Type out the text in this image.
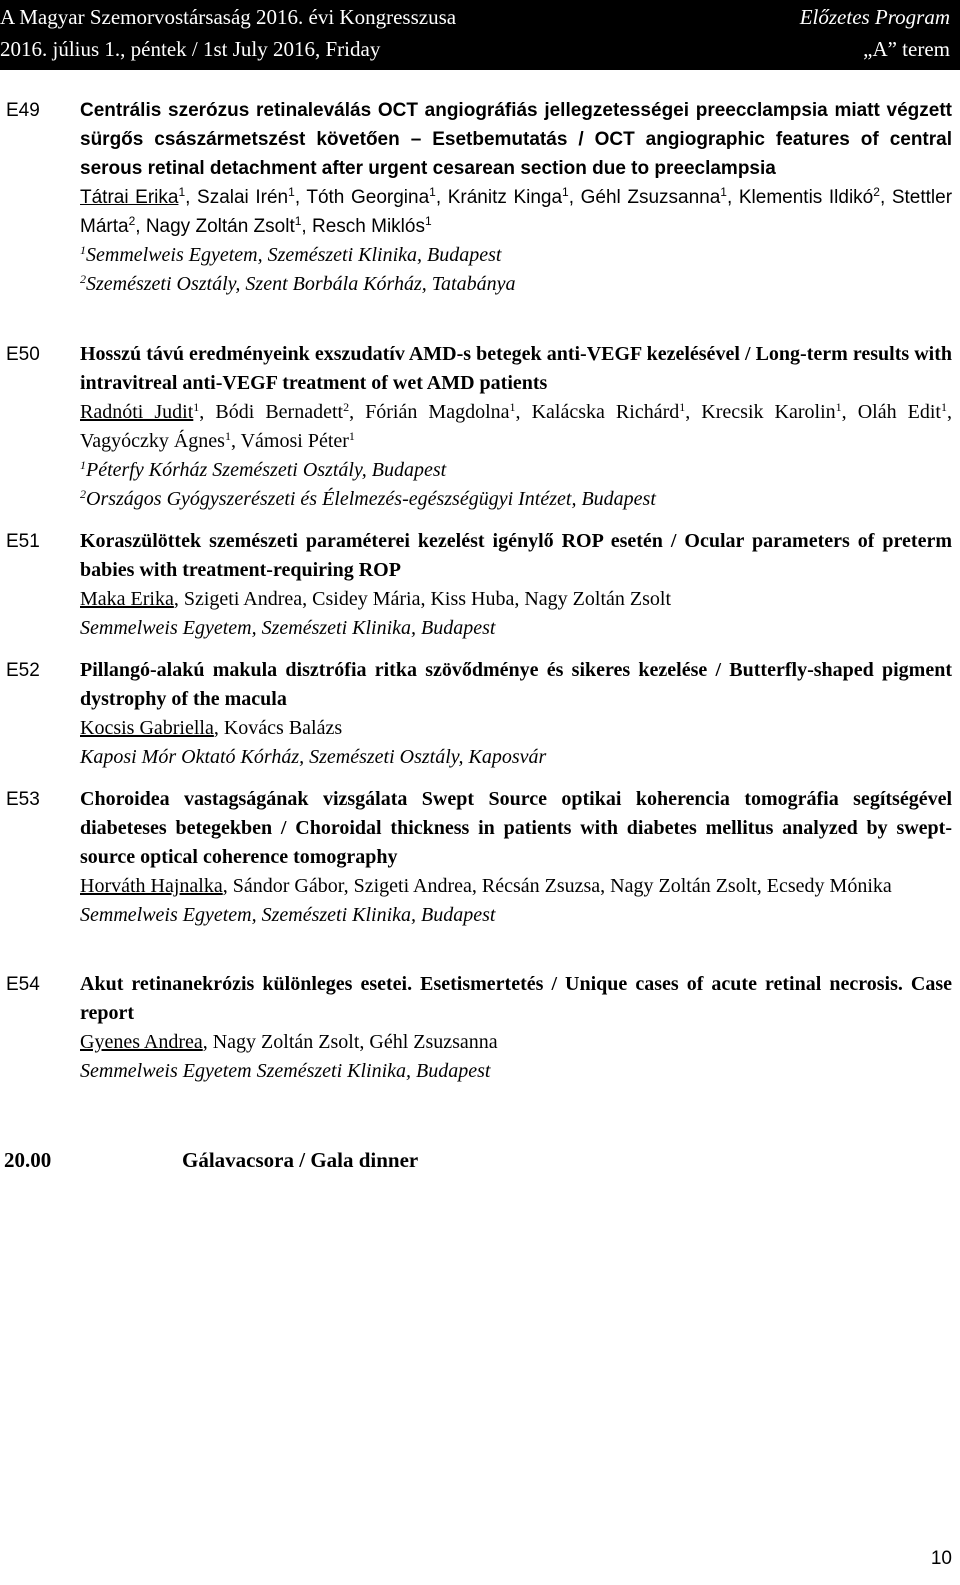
A Magyar Szemorvostársaság 2016. évi Kongresszusa	Előzetes Program
2016. július 1., péntek / 1st July 2016, Friday	„A” terem
E49 Centrális szerózus retinaleválás OCT angiográfiás jellegzetességei preecclampsia miatt végzett sürgős császármetszést követően – Esetbemutatás / OCT angiographic features of central serous retinal detachment after urgent cesarean section due to preeclampsia
Tátrai Erika$^1$, Szalai Irén$^1$, Tóth Georgina$^1$, Kránitz Kinga$^1$, Géhl Zsuzsanna$^1$, Klementis Ildikó$^2$, Stettler Márta$^2$, Nagy Zoltán Zsolt$^1$, Resch Miklós$^1$
$^1$Semmelweis Egyetem, Szemészeti Klinika, Budapest
$^2$Szemészeti Osztály, Szent Borbála Kórház, Tatabánya
E50 Hosszú távú eredményeink exszudatív AMD-s betegek anti-VEGF kezelésével / Long-term results with intravitreal anti-VEGF treatment of wet AMD patients
Radnóti Judit$^1$, Bódi Bernadett$^2$, Fórián Magdolna$^1$, Kalácska Richárd$^1$, Krecsik Karolin$^1$, Oláh Edit$^1$, Vagyóczky Ágnes$^1$, Vámosi Péter$^1$
$^1$Péterfy Kórház Szemészeti Osztály, Budapest
$^2$Országos Gyógyszerészeti és Élelmezés-egészségügyi Intézet, Budapest
E51 Koraszülöttek szemészeti paraméterei kezelést igénylő ROP esetén / Ocular parameters of preterm babies with treatment-requiring ROP
Maka Erika, Szigeti Andrea, Csidey Mária, Kiss Huba, Nagy Zoltán Zsolt
Semmelweis Egyetem, Szemészeti Klinika, Budapest
E52 Pillangó-alakú makula disztrófia ritka szövődménye és sikeres kezelése / Butterfly-shaped pigment dystrophy of the macula
Kocsis Gabriella, Kovács Balázs
Kaposi Mór Oktató Kórház, Szemészeti Osztály, Kaposvár
E53 Choroidea vastagságának vizsgálata Swept Source optikai koherencia tomográfia segítségével diabeteses betegekben / Choroidal thickness in patients with diabetes mellitus analyzed by swept-source optical coherence tomography
Horváth Hajnalka, Sándor Gábor, Szigeti Andrea, Récsán Zsuzsa, Nagy Zoltán Zsolt, Ecsedy Mónika
Semmelweis Egyetem, Szemészeti Klinika, Budapest
E54 Akut retinanekrózis különleges esetei. Esetismertetés / Unique cases of acute retinal necrosis. Case report
Gyenes Andrea, Nagy Zoltán Zsolt, Géhl Zsuzsanna
Semmelweis Egyetem Szemészeti Klinika, Budapest
20.00	Gálavacsora / Gala dinner
10
